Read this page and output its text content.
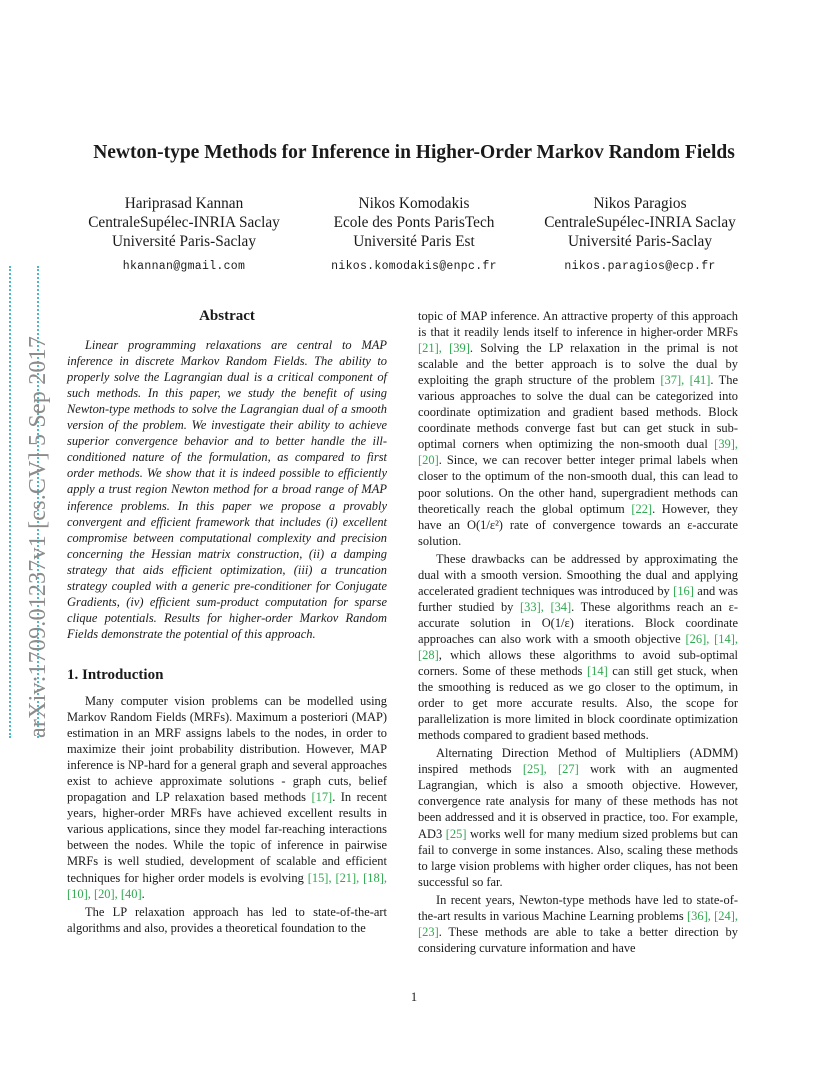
arXiv:1709.01237v1 [cs.CV] 5 Sep 2017
Newton-type Methods for Inference in Higher-Order Markov Random Fields
Hariprasad Kannan
CentraleSupélec-INRIA Saclay
Université Paris-Saclay
hkannan@gmail.com
Nikos Komodakis
Ecole des Ponts ParisTech
Université Paris Est
nikos.komodakis@enpc.fr
Nikos Paragios
CentraleSupélec-INRIA Saclay
Université Paris-Saclay
nikos.paragios@ecp.fr
Abstract

Linear programming relaxations are central to MAP inference in discrete Markov Random Fields. The ability to properly solve the Lagrangian dual is a critical component of such methods. In this paper, we study the benefit of using Newton-type methods to solve the Lagrangian dual of a smooth version of the problem. We investigate their ability to achieve superior convergence behavior and to better handle the ill-conditioned nature of the formulation, as compared to first order methods. We show that it is indeed possible to efficiently apply a trust region Newton method for a broad range of MAP inference problems. In this paper we propose a provably convergent and efficient framework that includes (i) excellent compromise between computational complexity and precision concerning the Hessian matrix construction, (ii) a damping strategy that aids efficient optimization, (iii) a truncation strategy coupled with a generic pre-conditioner for Conjugate Gradients, (iv) efficient sum-product computation for sparse clique potentials. Results for higher-order Markov Random Fields demonstrate the potential of this approach.

1. Introduction

Many computer vision problems can be modelled using Markov Random Fields (MRFs). Maximum a posteriori (MAP) estimation in an MRF assigns labels to the nodes, in order to maximize their joint probability distribution. However, MAP inference is NP-hard for a general graph and several approaches exist to achieve approximate solutions - graph cuts, belief propagation and LP relaxation based methods [17]. In recent years, higher-order MRFs have achieved excellent results in various applications, since they model far-reaching interactions between the nodes. While the topic of inference in pairwise MRFs is well studied, development of scalable and efficient techniques for higher order models is evolving [15], [21], [18], [10], [20], [40].

The LP relaxation approach has led to state-of-the-art algorithms and also, provides a theoretical foundation to the

topic of MAP inference. An attractive property of this approach is that it readily lends itself to inference in higher-order MRFs [21], [39]. Solving the LP relaxation in the primal is not scalable and the better approach is to solve the dual by exploiting the graph structure of the problem [37], [41]. The various approaches to solve the dual can be categorized into coordinate optimization and gradient based methods. Block coordinate methods converge fast but can get stuck in sub-optimal corners when optimizing the non-smooth dual [39], [20]. Since, we can recover better integer primal labels when closer to the optimum of the non-smooth dual, this can lead to poor solutions. On the other hand, supergradient methods can theoretically reach the global optimum [22]. However, they have an O(1/ε²) rate of convergence towards an ε-accurate solution.

These drawbacks can be addressed by approximating the dual with a smooth version. Smoothing the dual and applying accelerated gradient techniques was introduced by [16] and was further studied by [33], [34]. These algorithms reach an ε-accurate solution in O(1/ε) iterations. Block coordinate approaches can also work with a smooth objective [26], [14], [28], which allows these algorithms to avoid sub-optimal corners. Some of these methods [14] can still get stuck, when the smoothing is reduced as we go closer to the optimum, in order to get more accurate results. Also, the scope for parallelization is more limited in block coordinate optimization methods compared to gradient based methods.

Alternating Direction Method of Multipliers (ADMM) inspired methods [25], [27] work with an augmented Lagrangian, which is also a smooth objective. However, convergence rate analysis for many of these methods has not been addressed and it is observed in practice, too. For example, AD3 [25] works well for many medium sized problems but can fail to converge in some instances. Also, scaling these methods to large vision problems with higher order cliques, has not been successful so far.

In recent years, Newton-type methods have led to state-of-the-art results in various Machine Learning problems [36], [24], [23]. These methods are able to take a better direction by considering curvature information and have

1
